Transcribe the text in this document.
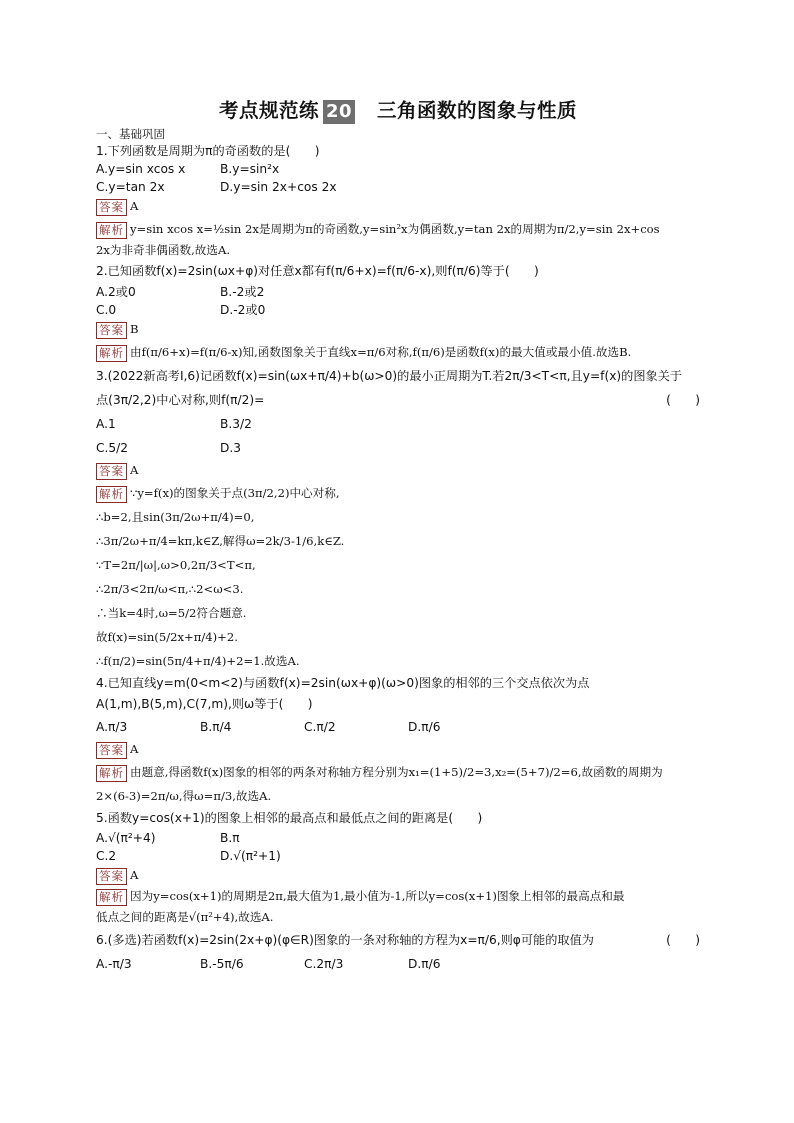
考点规范练 20 三角函数的图象与性质
一、基础巩固
1.下列函数是周期为π的奇函数的是(　　)
A.y=sin xcos x	B.y=sin²x
C.y=tan 2x	D.y=sin 2x+cos 2x
答案 A
解析 y=sin xcos x=½sin 2x是周期为π的奇函数,y=sin²x为偶函数,y=tan 2x的周期为π/2,y=sin 2x+cos
2x为非奇非偶函数,故选A.
2.已知函数f(x)=2sin(ωx+φ)对任意x都有f(π/6+x)=f(π/6-x),则f(π/6)等于(　　)
A.2或0	B.-2或2
C.0	D.-2或0
答案 B
解析 由f(π/6+x)=f(π/6-x)知,函数图象关于直线x=π/6对称,f(π/6)是函数f(x)的最大值或最小值.故选B.
3.(2022新高考Ⅰ,6)记函数f(x)=sin(ωx+π/4)+b(ω>0)的最小正周期为T.若2π/3<T<π,且y=f(x)的图象关于
点(3π/2,2)中心对称,则f(π/2)=	(　　)
A.1	B.3/2
C.5/2	D.3
答案 A
解析 ∵y=f(x)的图象关于点(3π/2,2)中心对称,
∴b=2,且sin(3π/2ω+π/4)=0,
∴3π/2ω+π/4=kπ,k∈Z,解得ω=2k/3-1/6,k∈Z.
∵T=2π/|ω|,ω>0,2π/3<T<π,
∴2π/3<2π/ω<π,∴2<ω<3.
∴当k=4时,ω=5/2符合题意.
故f(x)=sin(5/2x+π/4)+2.
∴f(π/2)=sin(5π/4+π/4)+2=1.故选A.
4.已知直线y=m(0<m<2)与函数f(x)=2sin(ωx+φ)(ω>0)图象的相邻的三个交点依次为点
A(1,m),B(5,m),C(7,m),则ω等于(　　)
A.π/3	B.π/4	C.π/2	D.π/6
答案 A
解析 由题意,得函数f(x)图象的相邻的两条对称轴方程分别为x₁=(1+5)/2=3,x₂=(5+7)/2=6,故函数的周期为
2×(6-3)=2π/ω,得ω=π/3,故选A.
5.函数y=cos(x+1)的图象上相邻的最高点和最低点之间的距离是(　　)
A.√(π²+4)	B.π
C.2	D.√(π²+1)
答案 A
解析 因为y=cos(x+1)的周期是2π,最大值为1,最小值为-1,所以y=cos(x+1)图象上相邻的最高点和最
低点之间的距离是√(π²+4),故选A.
6.(多选)若函数f(x)=2sin(2x+φ)(φ∈R)图象的一条对称轴的方程为x=π/6,则φ可能的取值为	(　　)
A.-π/3	B.-5π/6	C.2π/3	D.π/6
